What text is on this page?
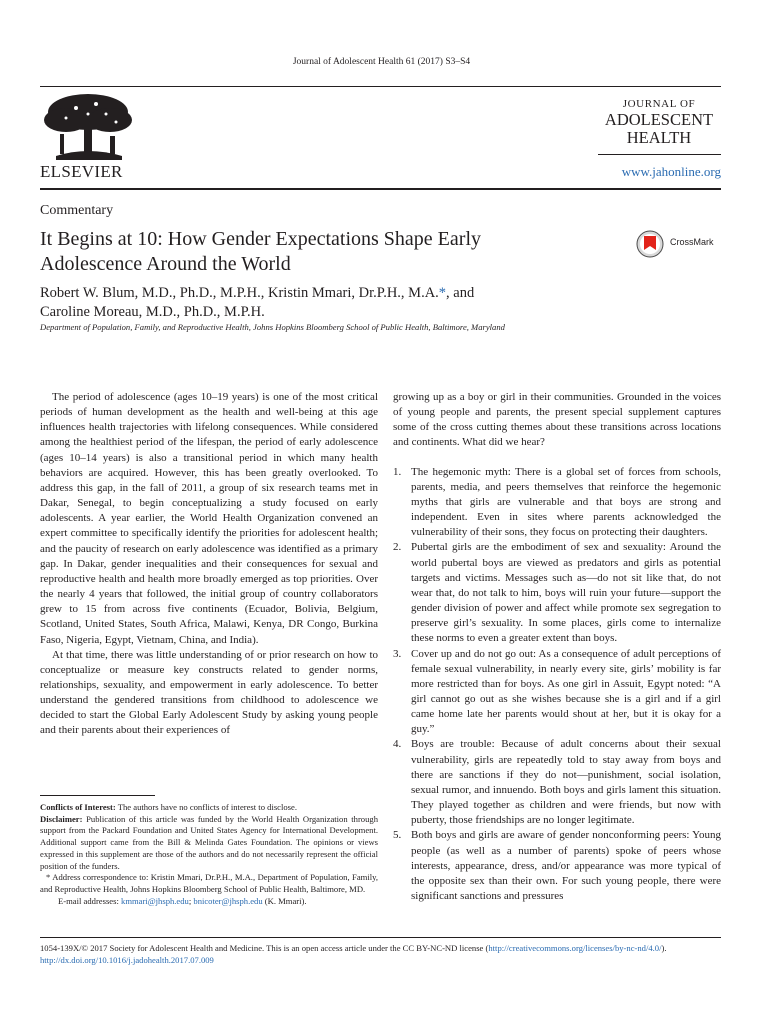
Journal of Adolescent Health 61 (2017) S3–S4
ELSEVIER
JOURNAL OF
ADOLESCENT
HEALTH
www.jahonline.org
Commentary
It Begins at 10: How Gender Expectations Shape Early Adolescence Around the World
CrossMark
Robert W. Blum, M.D., Ph.D., M.P.H., Kristin Mmari, Dr.P.H., M.A.*, and
Caroline Moreau, M.D., Ph.D., M.P.H.
Department of Population, Family, and Reproductive Health, Johns Hopkins Bloomberg School of Public Health, Baltimore, Maryland

The period of adolescence (ages 10–19 years) is one of the most critical periods of human development as the health and well-being at this age influences health trajectories with lifelong consequences. While considered among the healthiest period of the lifespan, the period of early adolescence (ages 10–14 years) is also a transitional period in which many health behaviors are acquired. However, this has been greatly overlooked. To address this gap, in the fall of 2011, a group of six research teams met in Dakar, Senegal, to begin conceptualizing a study focused on early adolescents. A year earlier, the World Health Organization convened an expert committee to specifically identify the priorities for adolescent health; and the paucity of research on early adolescence was identified as a primary gap. In Dakar, gender inequalities and their consequences for sexual and reproductive health and health more broadly emerged as top priorities. Over the nearly 4 years that followed, the initial group of country collaborators grew to 15 from across five continents (Ecuador, Bolivia, Belgium, Scotland, United States, South Africa, Malawi, Kenya, DR Congo, Burkina Faso, Nigeria, Egypt, Vietnam, China, and India).

At that time, there was little understanding of or prior research on how to conceptualize or measure key constructs related to gender norms, relationships, sexuality, and empowerment in early adolescence. To better understand the gendered transitions from childhood to adolescence we decided to start the Global Early Adolescent Study by asking young people and their parents about their experiences of

growing up as a boy or girl in their communities. Grounded in the voices of young people and parents, the present special supplement captures some of the cross cutting themes about these transitions across locations and continents. What did we hear?

1. The hegemonic myth: There is a global set of forces from schools, parents, media, and peers themselves that reinforce the hegemonic myths that girls are vulnerable and that boys are strong and independent. Even in sites where parents acknowledged the vulnerability of their sons, they focus on protecting their daughters.
2. Pubertal girls are the embodiment of sex and sexuality: Around the world pubertal boys are viewed as predators and girls as potential targets and victims. Messages such as—do not sit like that, do not wear that, do not talk to him, boys will ruin your future—support the gender division of power and affect while promote sex segregation to preserve girl’s sexuality. In some places, girls come to internalize these norms to even a greater extent than boys.
3. Cover up and do not go out: As a consequence of adult perceptions of female sexual vulnerability, in nearly every site, girls’ mobility is far more restricted than for boys. As one girl in Assuit, Egypt noted: “A girl cannot go out as she wishes because she is a girl and if a girl came home late her parents would shout at her, but it is okay for a guy.”
4. Boys are trouble: Because of adult concerns about their sexual vulnerability, girls are repeatedly told to stay away from boys and there are sanctions if they do not—punishment, social isolation, sexual rumor, and innuendo. Both boys and girls lament this situation. They played together as children and were friends, but now with puberty, those friendships are no longer legitimate.
5. Both boys and girls are aware of gender nonconforming peers: Young people (as well as a number of parents) spoke of peers whose interests, appearance, dress, and/or appearance was more typical of the opposite sex than their own. For such young people, there were significant sanctions and pressures

Conflicts of Interest: The authors have no conflicts of interest to disclose.

Disclaimer: Publication of this article was funded by the World Health Organization through support from the Packard Foundation and United States Agency for International Development. Additional support came from the Bill & Melinda Gates Foundation. The opinions or views expressed in this supplement are those of the authors and do not necessarily represent the official position of the funders.

* Address correspondence to: Kristin Mmari, Dr.P.H., M.A., Department of Population, Family, and Reproductive Health, Johns Hopkins Bloomberg School of Public Health, Baltimore, MD.

E-mail addresses: kmmari@jhsph.edu; bnicoter@jhsph.edu (K. Mmari).

1054-139X/© 2017 Society for Adolescent Health and Medicine. This is an open access article under the CC BY-NC-ND license (http://creativecommons.org/licenses/by-nc-nd/4.0/).
http://dx.doi.org/10.1016/j.jadohealth.2017.07.009
